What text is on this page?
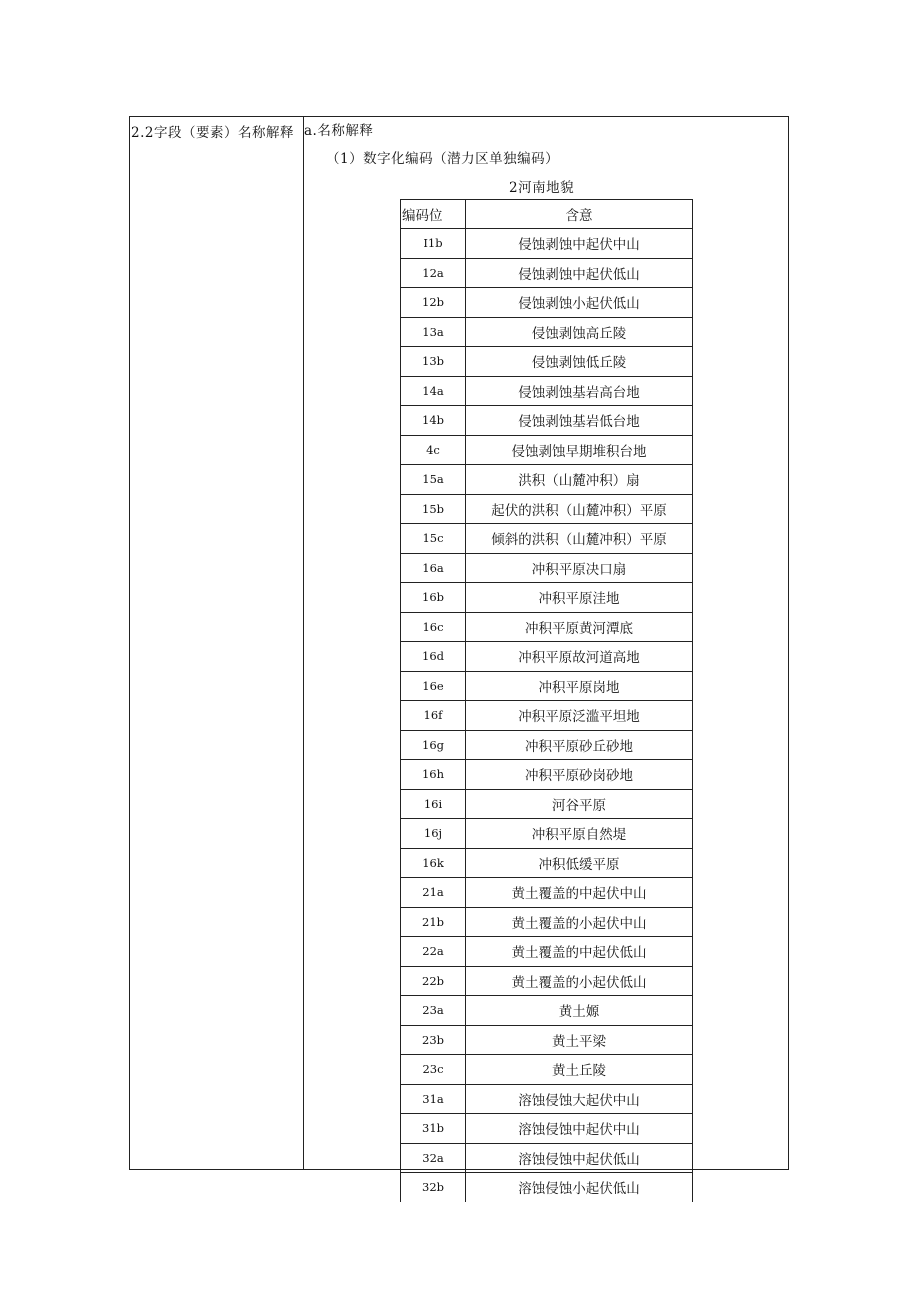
2.2字段（要素）名称解释 a.名称解释
（1）数字化编码（潜力区单独编码）
2河南地貌
编码位	含意
I1b	侵蚀剥蚀中起伏中山
12a	侵蚀剥蚀中起伏低山
12b	侵蚀剥蚀小起伏低山
13a	侵蚀剥蚀高丘陵
13b	侵蚀剥蚀低丘陵
14a	侵蚀剥蚀基岩高台地
14b	侵蚀剥蚀基岩低台地
4c	侵蚀剥蚀早期堆积台地
15a	洪积（山麓冲积）扇
15b	起伏的洪积（山麓冲积）平原
15c	倾斜的洪积（山麓冲积）平原
16a	冲积平原决口扇
16b	冲积平原洼地
16c	冲积平原黄河潭底
16d	冲积平原故河道高地
16e	冲积平原岗地
16f	冲积平原泛滥平坦地
16g	冲积平原砂丘砂地
16h	冲积平原砂岗砂地
16i	河谷平原
16j	冲积平原自然堤
16k	冲积低缓平原
21a	黄土覆盖的中起伏中山
21b	黄土覆盖的小起伏中山
22a	黄土覆盖的中起伏低山
22b	黄土覆盖的小起伏低山
23a	黄土嫄
23b	黄土平梁
23c	黄土丘陵
31a	溶蚀侵蚀大起伏中山
31b	溶蚀侵蚀中起伏中山
32a	溶蚀侵蚀中起伏低山
32b	溶蚀侵蚀小起伏低山
